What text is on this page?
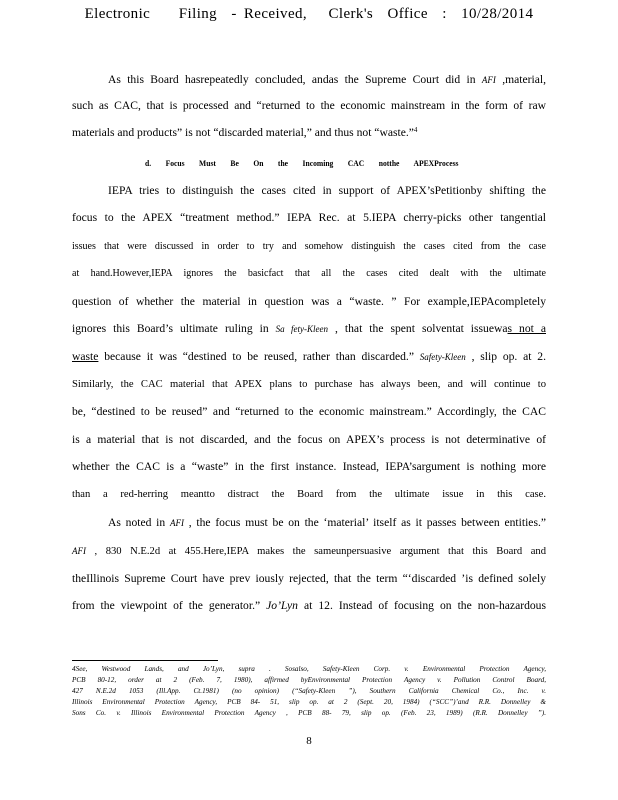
Electronic    Filing  - Received,   Clerk's  Office  :  10/28/2014
As this Board hasrepeatedly concluded, andas the Supreme Court did in AFI ,material,
such as CAC, that is processed and “returned to the economic mainstream in the form of raw
materials and products” is not “discarded material,” and thus not “waste.”$^4$
d. Focus Must Be On the Incoming CAC notthe APEXProcess
IEPA tries to distinguish the cases cited in support of APEX’sPetitionby shifting the
focus to the APEX “treatment method.” IEPA Rec. at 5.IEPA cherry-picks other tangential
issues that were discussed in order to try and somehow distinguish the cases cited from the case
at hand.However,IEPA ignores the basicfact that all the cases cited dealt with the ultimate
question of whether the material in question was a “waste. ” For example,IEPAcompletely
ignores this Board’s ultimate ruling in Sa fety-Kleen , that the spent solventat issuewas not a
waste because it was “destined to be reused, rather than discarded.” Safety-Kleen , slip op. at 2.
Similarly, the CAC material that APEX plans to purchase has always been, and will continue to
be, “destined to be reused” and “returned to the economic mainstream.” Accordingly, the CAC
is a material that is not discarded, and the focus on APEX’s process is not determinative of
whether the CAC is a “waste” in the first instance. Instead, IEPA’sargument is nothing more
than a red-herring meantto distract the Board from the ultimate issue in this case.
As noted in AFI , the focus must be on the ‘material’ itself as it passes between entities.”
AFI , 830 N.E.2d at 455.Here,IEPA makes the sameunpersuasive argument that this Board and
theIllinois Supreme Court have prev iously rejected, that the term “‘discarded ’is defined solely
from the viewpoint of the generator.” Jo’Lyn at 12. Instead of focusing on the non-hazardous
4See, Westwood Lands, and Jo’Lyn, supra . Sosalso, Safety-Kleen Corp. v. Environmental Protection Agency,
PCB 80-12, order at 2 (Feb. 7, 1980), affirmed byEnvironmental Protection Agency v. Pollution Control Board,
427 N.E.2d 1053 (Ill.App. Ct.1981) (no opinion) (“Safety-Kleen ”), Southern California Chemical Co., Inc. v.
Illinois Environmental Protection Agency, PCB 84- 51, slip op. at 2 (Sept. 20, 1984) (“SCC”)’and R.R. Donnelley &
Sons Co. v. Illinois Environmental Protection Agency , PCB 88- 79, slip op. (Feb. 23, 1989) (R.R. Donnelley ”).
8
